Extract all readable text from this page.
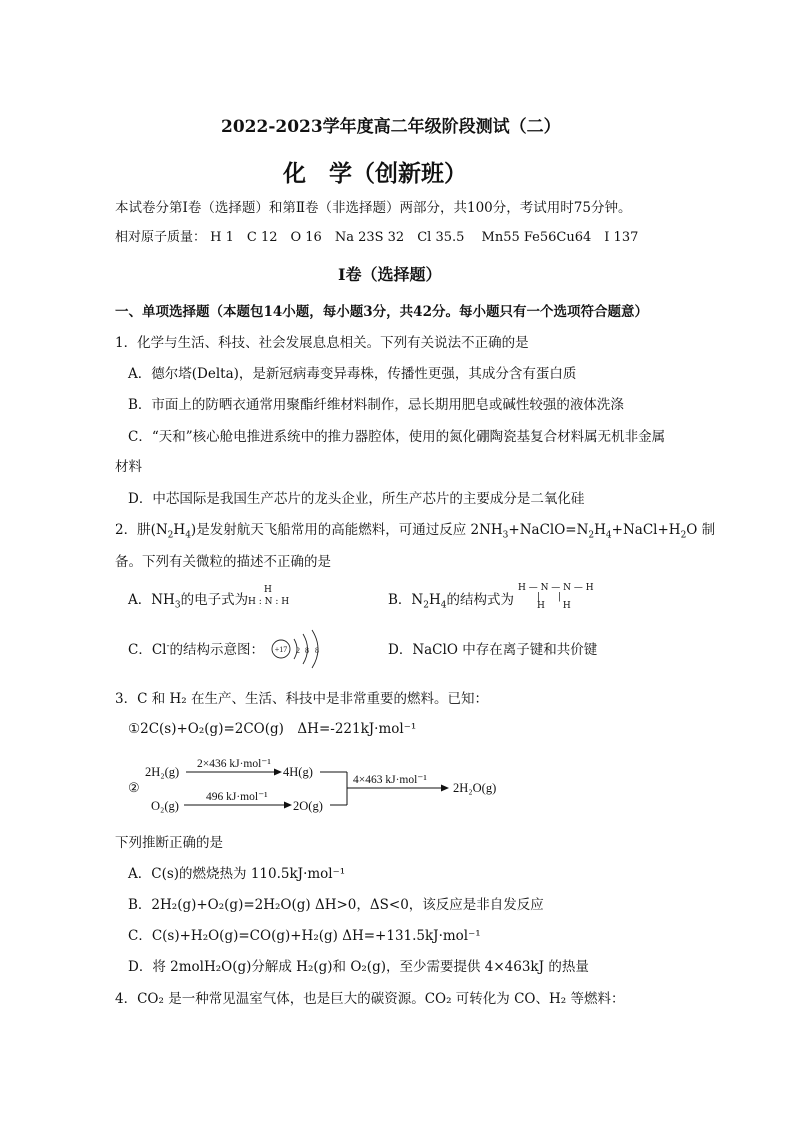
2022-2023学年度高二年级阶段测试（二）
化　学（创新班）
本试卷分第Ⅰ卷（选择题）和第Ⅱ卷（非选择题）两部分，共100分，考试用时75分钟。
相对原子质量： H 1　C 12　O 16　Na 23S 32　Cl 35.5　 Mn55 Fe56Cu64　I 137
Ⅰ卷（选择题）
一、单项选择题（本题包14小题，每小题3分，共42分。每小题只有一个选项符合题意）
1．化学与生活、科技、社会发展息息相关。下列有关说法不正确的是
A．德尔塔(Delta)，是新冠病毒变异毒株，传播性更强，其成分含有蛋白质
B．市面上的防晒衣通常用聚酯纤维材料制作，忌长期用肥皂或碱性较强的液体洗涤
C．“天和”核心舱电推进系统中的推力器腔体，使用的氮化硼陶瓷基复合材料属无机非金属
材料
D．中芯国际是我国生产芯片的龙头企业，所生产芯片的主要成分是二氧化硅
2．肼$(N_2H_4)$是发射航天飞船常用的高能燃料，可通过反应 $2NH_3+NaClO=N_2H_4+NaCl+H_2O$ 制
备。下列有关微粒的描述不正确的是
A．$NH_3$的电子式为
H
H : N : H	B．$N_2H_4$的结构式为
H — N — N — H
|　　|
H　　H
C．Cl-的结构示意图： +17 2 8 8	D．NaClO 中存在离子键和共价键
3．C 和 H₂ 在生产、生活、科技中是非常重要的燃料。已知：
①2C(s)+O₂(g)=2CO(g)　ΔH=-221kJ·mol⁻¹
②
2H₂(g)
O₂(g)
2×436 kJ·mol⁻¹
496 kJ·mol⁻¹
4H(g)
2O(g)
4×463 kJ·mol⁻¹
2H₂O(g)
下列推断正确的是
A．C(s)的燃烧热为 110.5kJ·mol⁻¹
B．2H₂(g)+O₂(g)=2H₂O(g) ΔH>0，ΔS<0，该反应是非自发反应
C．C(s)+H₂O(g)=CO(g)+H₂(g) ΔH=+131.5kJ·mol⁻¹
D．将 2molH₂O(g)分解成 H₂(g)和 O₂(g)，至少需要提供 4×463kJ 的热量
4．CO₂ 是一种常见温室气体，也是巨大的碳资源。CO₂ 可转化为 CO、H₂ 等燃料：
